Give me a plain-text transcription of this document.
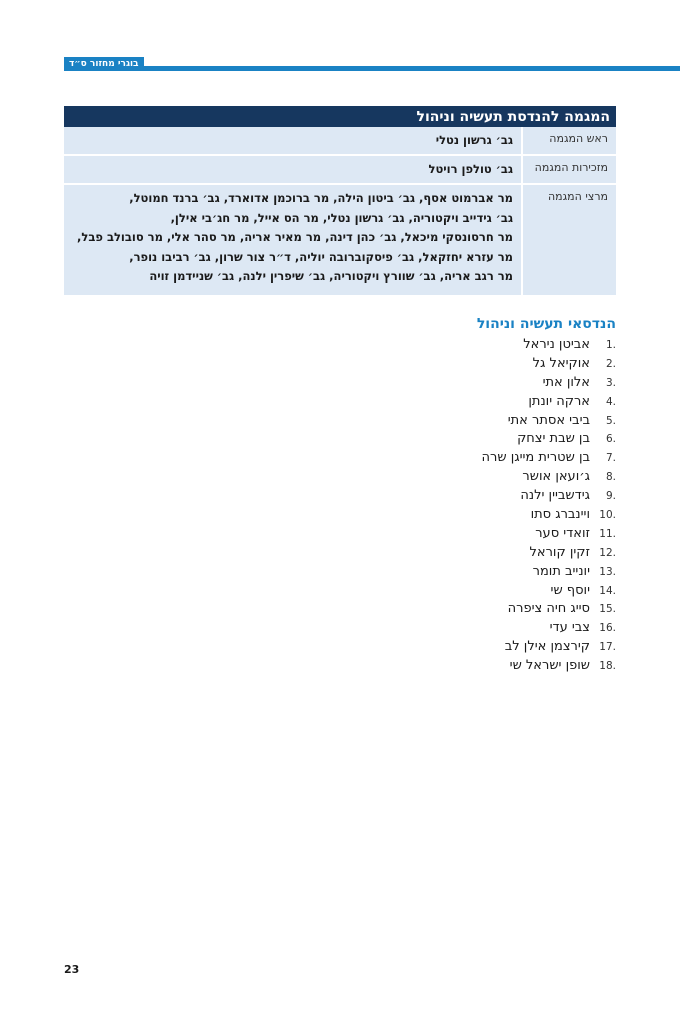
בוגרי מחזור ס״ד
המגמה להנדסת תעשיה וניהול	
ראש המגמה	גב׳ גרשון נטלי
מזכירות המגמה	גב׳ טולפן רויטל
מרצי המגמה	מר אברמוט אסף, גב׳ ביטון הילה, מר ברוכמן אדוארד, גב׳ ברנד חמוטל,
גב׳ גידייב ויקטוריה, גב׳ גרשון נטלי, מר הס אייל, מר חג׳בי אילן,
מר חרסונסקי מיכאל, גב׳ כהן דינה, מר מאיר אריה, מר סהר אלי, מר סובולב פבל,
מר עזרא יחזקאל, גב׳ פיסקוברובה יוליה, ד״ר צור שרון, גב׳ רביבו נופר,
מר רגב אריה, גב׳ שוורץ ויקטוריה, גב׳ שיפרין ילנה, גב׳ שניידמן זויה
הנדסאי תעשיה וניהול
1 .
אביטן ניראל
2 .
אוקיאל גל
3 .
אלון אתי
4 .
ארקה יונתן
5 .
ביבי אסתר אתי
6 .
בן שבת יצחק
7 .
בן שטרית מייגן שרה
8 .
ג׳ועאן אושר
9 .
גידשביין ילנה
10 .
ויינברג סתו
11 .
זואדי סער
12 .
זקין קוראל
13 .
יונייב תומר
14 .
יוסף שי
15 .
סייג חיה ציפרה
16 .
צבי עדי
17 .
קירצמן אילן לב
18 .
שופן ישראל שי
23
